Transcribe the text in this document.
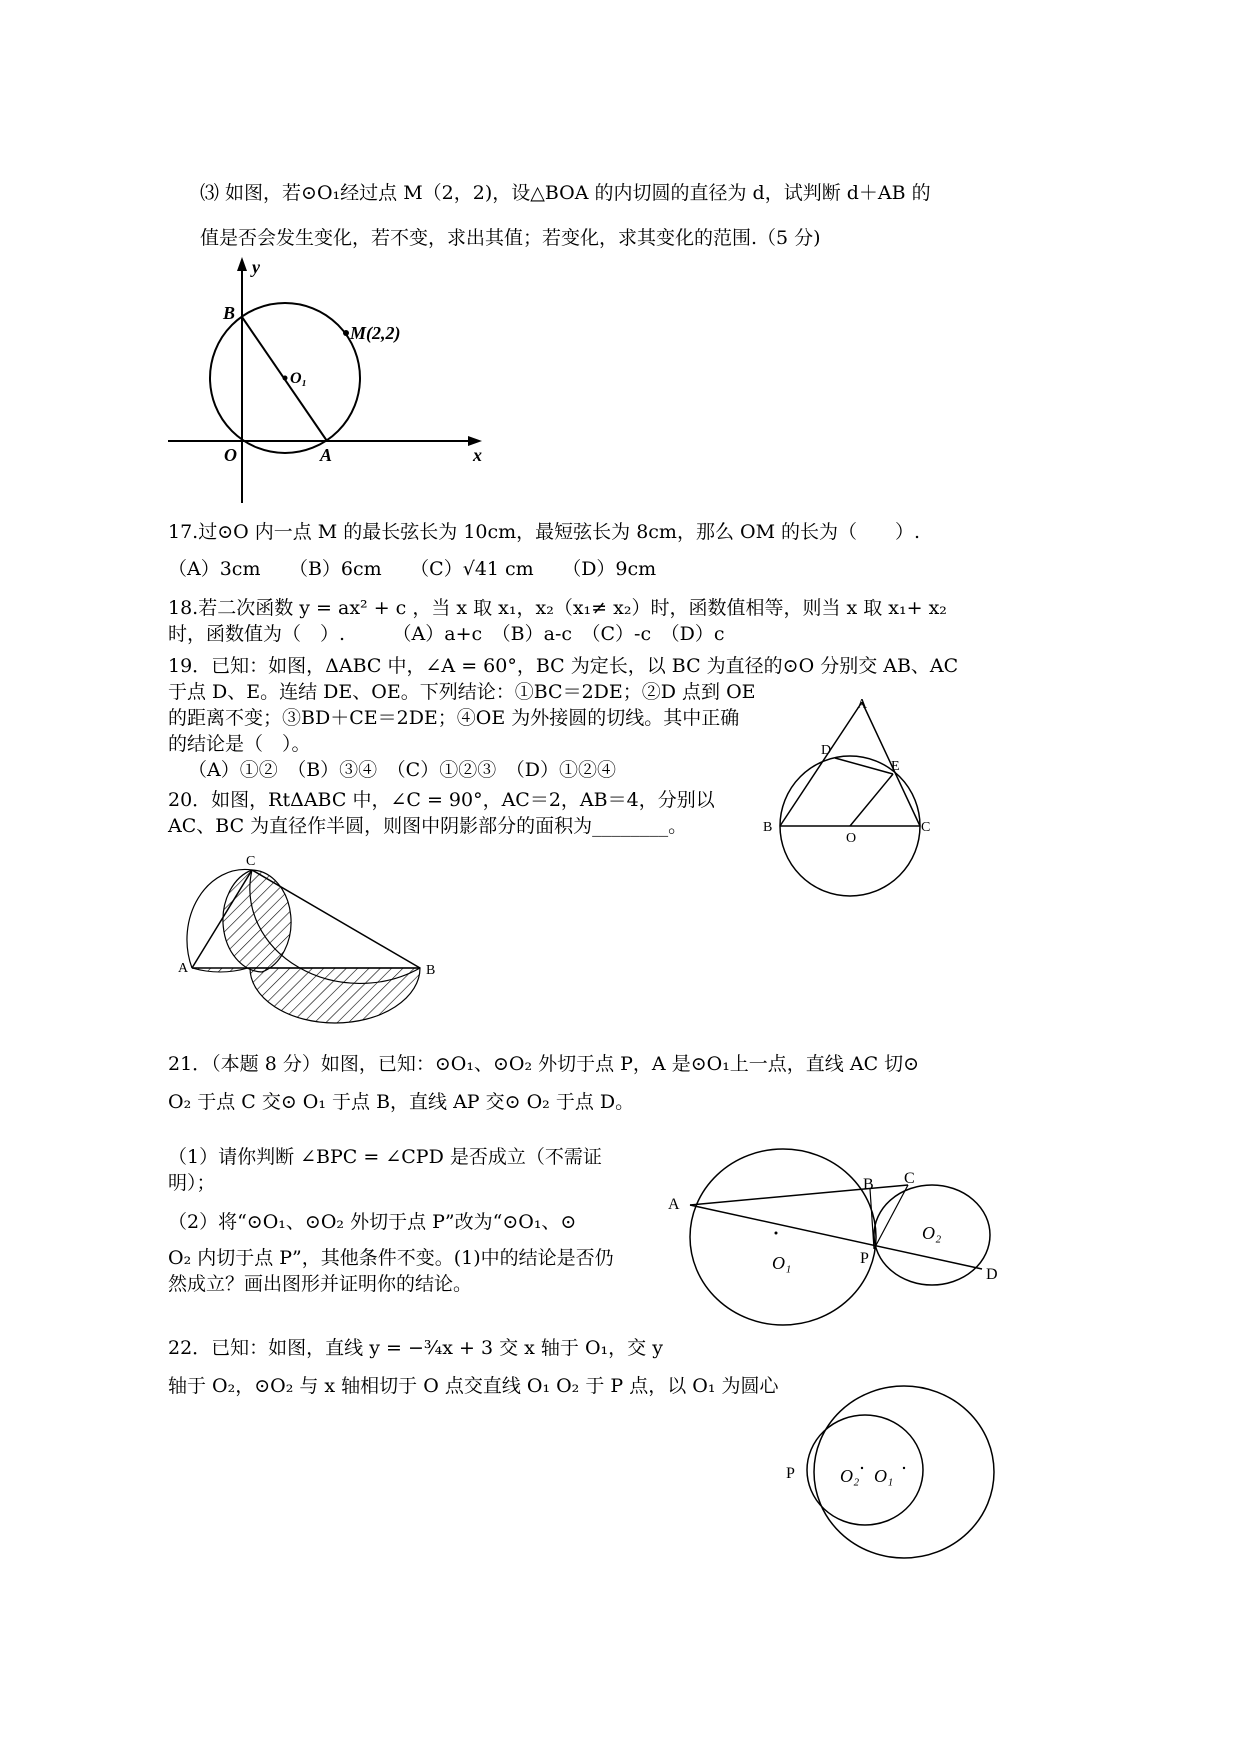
⑶ 如图，若⊙O₁经过点 M（2，2)，设△BOA 的内切圆的直径为 d，试判断 d＋AB 的
值是否会发生变化，若不变，求出其值；若变化，求其变化的范围.（5 分)
y
x
B
O	A
O₁
M(2,2)
17.过⊙O 内一点 M 的最长弦长为 10cm，最短弦长为 8cm，那么 OM 的长为（　　）.
（A）3cm　　（B）6cm　　（C）√41 cm　　（D）9cm
18.若二次函数 y = ax² + c ，当 x 取 x₁，x₂（x₁≠ x₂）时，函数值相等，则当 x 取 x₁+ x₂
时，函数值为（　）.　　　（A）a+c　（B）a-c　（C）-c　（D）c
19．已知：如图，ΔABC 中，∠A = 60°，BC 为定长，以 BC 为直径的⊙O 分别交 AB、AC
于点 D、E。连结 DE、OE。下列结论：①BC＝2DE；②D 点到 OE
的距离不变；③BD＋CE＝2DE；④OE 为外接圆的切线。其中正确
的结论是（　）。
（A）①②　（B）③④　（C）①②③　（D）①②④
A
D
E
B
O
C
20．如图，RtΔABC 中，∠C = 90°，AC＝2，AB＝4，分别以
AC、BC 为直径作半圆，则图中阴影部分的面积为________。
C
A	B
21．（本题 8 分）如图，已知：⊙O₁、⊙O₂ 外切于点 P，A 是⊙O₁上一点，直线 AC 切⊙
O₂ 于点 C 交⊙ O₁ 于点 B，直线 AP 交⊙ O₂ 于点 D。
（1）请你判断 ∠BPC = ∠CPD 是否成立（不需证
明）；
（2）将“⊙O₁、⊙O₂ 外切于点 P”改为“⊙O₁、⊙
O₂ 内切于点 P”，其他条件不变。(1)中的结论是否仍
然成立？画出图形并证明你的结论。
A
B C
O₁	P
O₂
D
22．已知：如图，直线 y = −¾x + 3 交 x 轴于 O₁，交 y
轴于 O₂，⊙O₂ 与 x 轴相切于 O 点交直线 O₁ O₂ 于 P 点，以 O₁ 为圆心
P	O₂ O₁
